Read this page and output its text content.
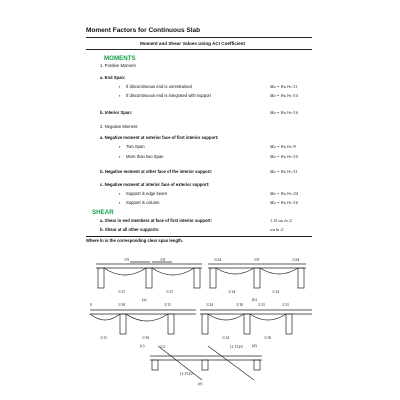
Moment Factors for Continuous Slab
Moment and Shear Values Using ACI Coefficient
MOMENTS
1. Positive Moment
a. End Span:
▪ If discontinuous end is unrestrained	Mu = Wu l²n /11
▪ If discontinuous end is integrated with support	Mu = Wu l²n /14
b. Interior Span:	Mu = Wu l²n /16
2. Negative Moment
a. Negative moment at exterior face of first interior support:
▪ Two Span	Mu = Wu l²n /9
▪ More than two Span	Mu = Wu l²n /10
b. Negative moment at other face of the interior support:	Mu = Wu l²n /11
c. Negative moment at interior face of exterior support:
▪ Support is edge beam	Mu = Wu l²n /24
▪ Support is column	Mu = Wu l²n /16
SHEAR
a. Shear in end members at face of first interior support:	1.15 wu ln /2
b. Shear at all other supports:	wu ln /2
Where ln is the corresponding clear span length.
1/9	1/9
1/11	1/11
(a)
1/24	1/9	1/24
1/14	1/14
(b)
0	1/10	1/11
1/11	1/16
(c)
1/24	1/10	1/11	1/11
1/14	1/16
(d)
1/2	(1.15)/2
(1.15)/2
(e)
